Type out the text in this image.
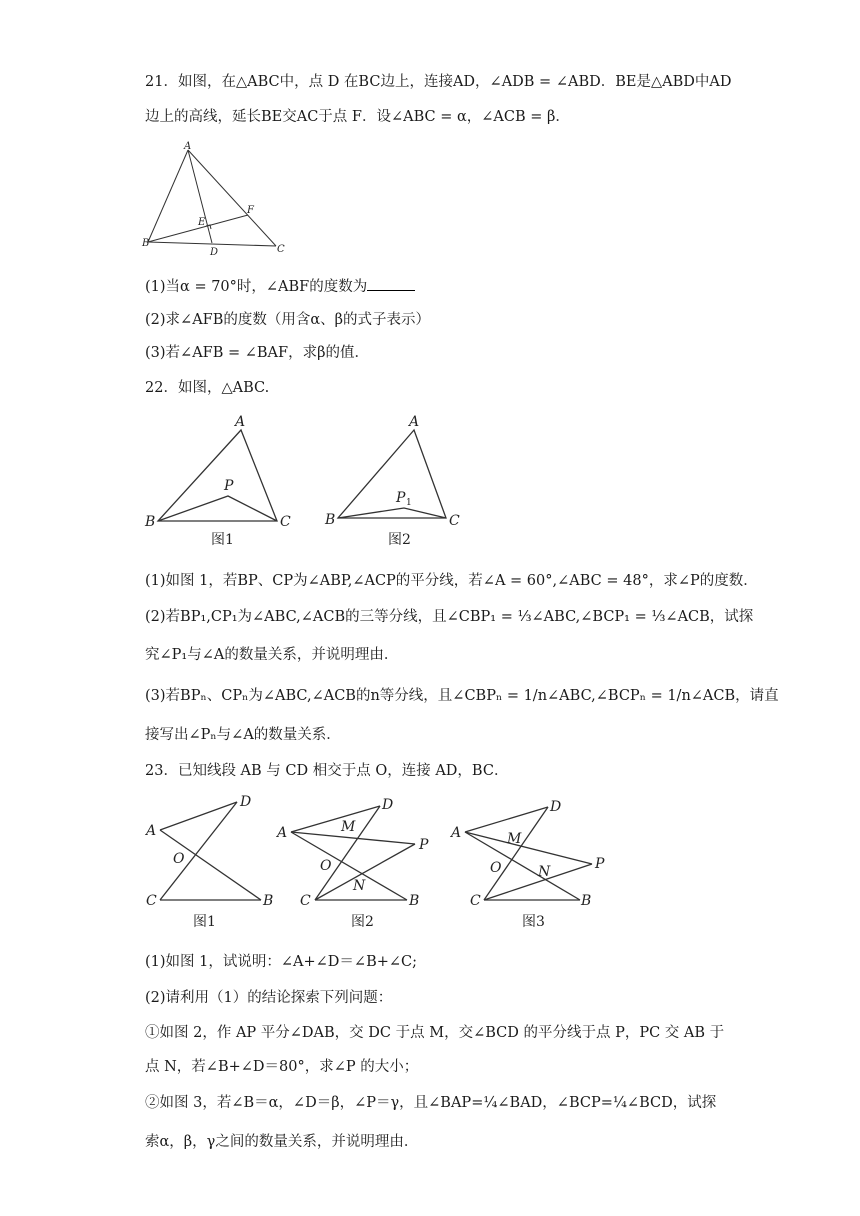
21．如图，在△ABC中，点 D 在BC边上，连接AD，∠ADB = ∠ABD．BE是△ABD中AD
边上的高线，延长BE交AC于点 F．设∠ABC = α，∠ACB = β．
A
B
C
D
E
F
(1)当α = 70°时，∠ABF的度数为
(2)求∠AFB的度数（用含α、β的式子表示）
(3)若∠AFB = ∠BAF，求β的值．
22．如图，△ABC.
A
B	C
P
A
B	C
P 1
图1	图2
(1)如图 1，若BP、CP为∠ABP,∠ACP的平分线，若∠A = 60°,∠ABC = 48°，求∠P的度数．
(2)若BP₁,CP₁为∠ABC,∠ACB的三等分线，且∠CBP₁ = ⅓∠ABC,∠BCP₁ = ⅓∠ACB，试探
究∠P₁与∠A的数量关系，并说明理由．
(3)若BPₙ、CPₙ为∠ABC,∠ACB的n等分线，且∠CBPₙ = 1/n∠ABC,∠BCPₙ = 1/n∠ACB，请直
接写出∠Pₙ与∠A的数量关系．
23．已知线段 AB 与 CD 相交于点 O，连接 AD，BC．
D
A
O
C	B
D
A	M
P
O
N
C	B
D
A	M
O	N	P
C	B
图1	图2	图3
(1)如图 1，试说明：∠A+∠D＝∠B+∠C;
(2)请利用（1）的结论探索下列问题：
①如图 2，作 AP 平分∠DAB，交 DC 于点 M，交∠BCD 的平分线于点 P，PC 交 AB 于
点 N，若∠B+∠D＝80°，求∠P 的大小；
②如图 3，若∠B＝α，∠D＝β，∠P＝γ，且∠BAP=¼∠BAD，∠BCP=¼∠BCD，试探
索α，β，γ之间的数量关系，并说明理由．
